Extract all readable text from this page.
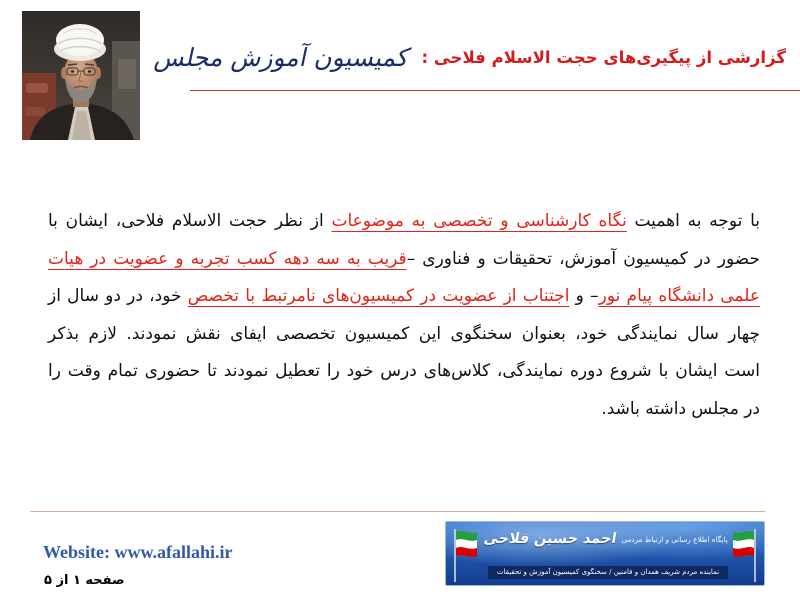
گزارشی از پیگیری‌های حجت الاسلام فلاحی :
کمیسیون آموزش مجلس
با توجه به اهمیت نگاه کارشناسی و تخصصی به موضوعات از نظر حجت الاسلام فلاحی، ایشان با
حضور در کمیسیون آموزش، تحقیقات و فناوری –قریب به سه دهه کسب تجربه و عضویت در هیات
علمی دانشگاه پیام نور– و اجتناب از عضویت در کمیسیون‌های نامرتبط با تخصص خود، در دو سال از
چهار سال نمایندگی خود، بعنوان سخنگوی این کمیسیون تخصصی ایفای نقش نمودند. لازم بذکر
است ایشان با شروع دوره نمایندگی، کلاس‌های درس خود را تعطیل نمودند تا حضوری تمام وقت را
در مجلس داشته باشد.
Website: www.afallahi.ir
صفحه ۱ از ۵
پایگاه اطلاع رسانی و ارتباط مردمی
احمد حسین فلاحی
نماینده مردم شریف همدان و فامنین / سخنگوی کمیسیون آموزش و تحقیقات
